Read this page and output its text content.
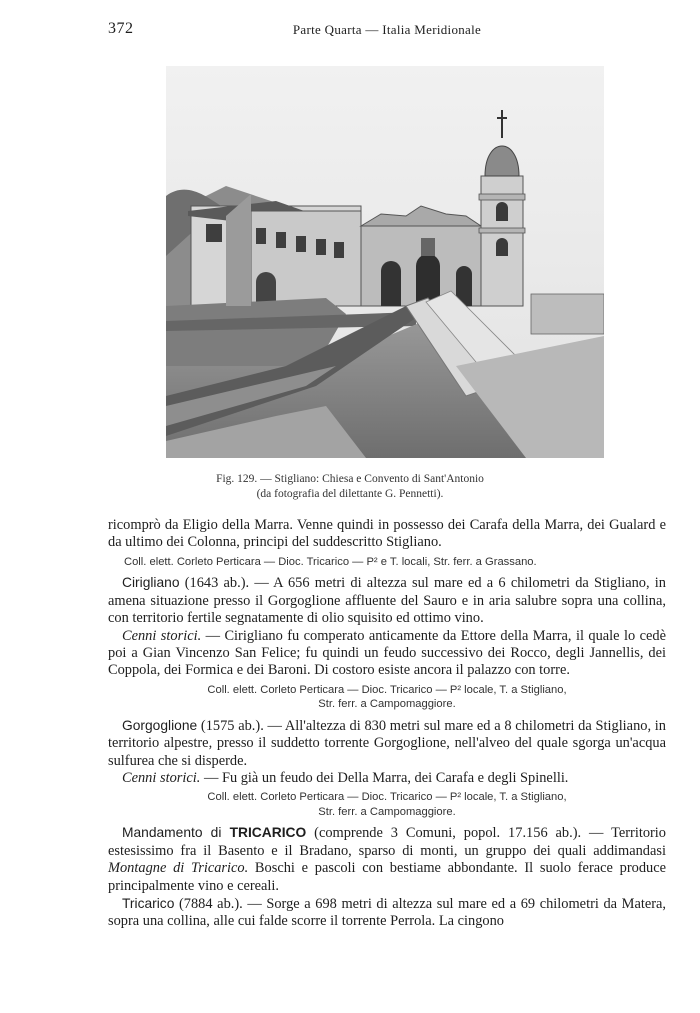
372	Parte Quarta — Italia Meridionale
Fig. 129. — Stigliano: Chiesa e Convento di Sant'Antonio
(da fotografia del dilettante G. Pennetti).

ricomprò da Eligio della Marra. Venne quindi in possesso dei Carafa della Marra, dei Gualard e da ultimo dei Colonna, principi del suddescritto Stigliano.

Coll. elett. Corleto Perticara — Dioc. Tricarico — P² e T. locali, Str. ferr. a Grassano.

Cirigliano (1643 ab.). — A 656 metri di altezza sul mare ed a 6 chilometri da Stigliano, in amena situazione presso il Gorgoglione affluente del Sauro e in aria salubre sopra una collina, con territorio fertile segnatamente di olio squisito ed ottimo vino.

Cenni storici. — Cirigliano fu comperato anticamente da Ettore della Marra, il quale lo cedè poi a Gian Vincenzo San Felice; fu quindi un feudo successivo dei Rocco, degli Jannellis, dei Coppola, dei Formica e dei Baroni. Di costoro esiste ancora il palazzo con torre.

Coll. elett. Corleto Perticara — Dioc. Tricarico — P² locale, T. a Stigliano,
Str. ferr. a Campomaggiore.

Gorgoglione (1575 ab.). — All'altezza di 830 metri sul mare ed a 8 chilometri da Stigliano, in territorio alpestre, presso il suddetto torrente Gorgoglione, nell'alveo del quale sgorga un'acqua sulfurea che si disperde.

Cenni storici. — Fu già un feudo dei Della Marra, dei Carafa e degli Spinelli.

Coll. elett. Corleto Perticara — Dioc. Tricarico — P² locale, T. a Stigliano,
Str. ferr. a Campomaggiore.

Mandamento di TRICARICO (comprende 3 Comuni, popol. 17.156 ab.). — Territorio estesissimo fra il Basento e il Bradano, sparso di monti, un gruppo dei quali addimandasi Montagne di Tricarico. Boschi e pascoli con bestiame abbondante. Il suolo ferace produce principalmente vino e cereali.

Tricarico (7884 ab.). — Sorge a 698 metri di altezza sul mare ed a 69 chilometri da Matera, sopra una collina, alle cui falde scorre il torrente Perrola. La cingono
